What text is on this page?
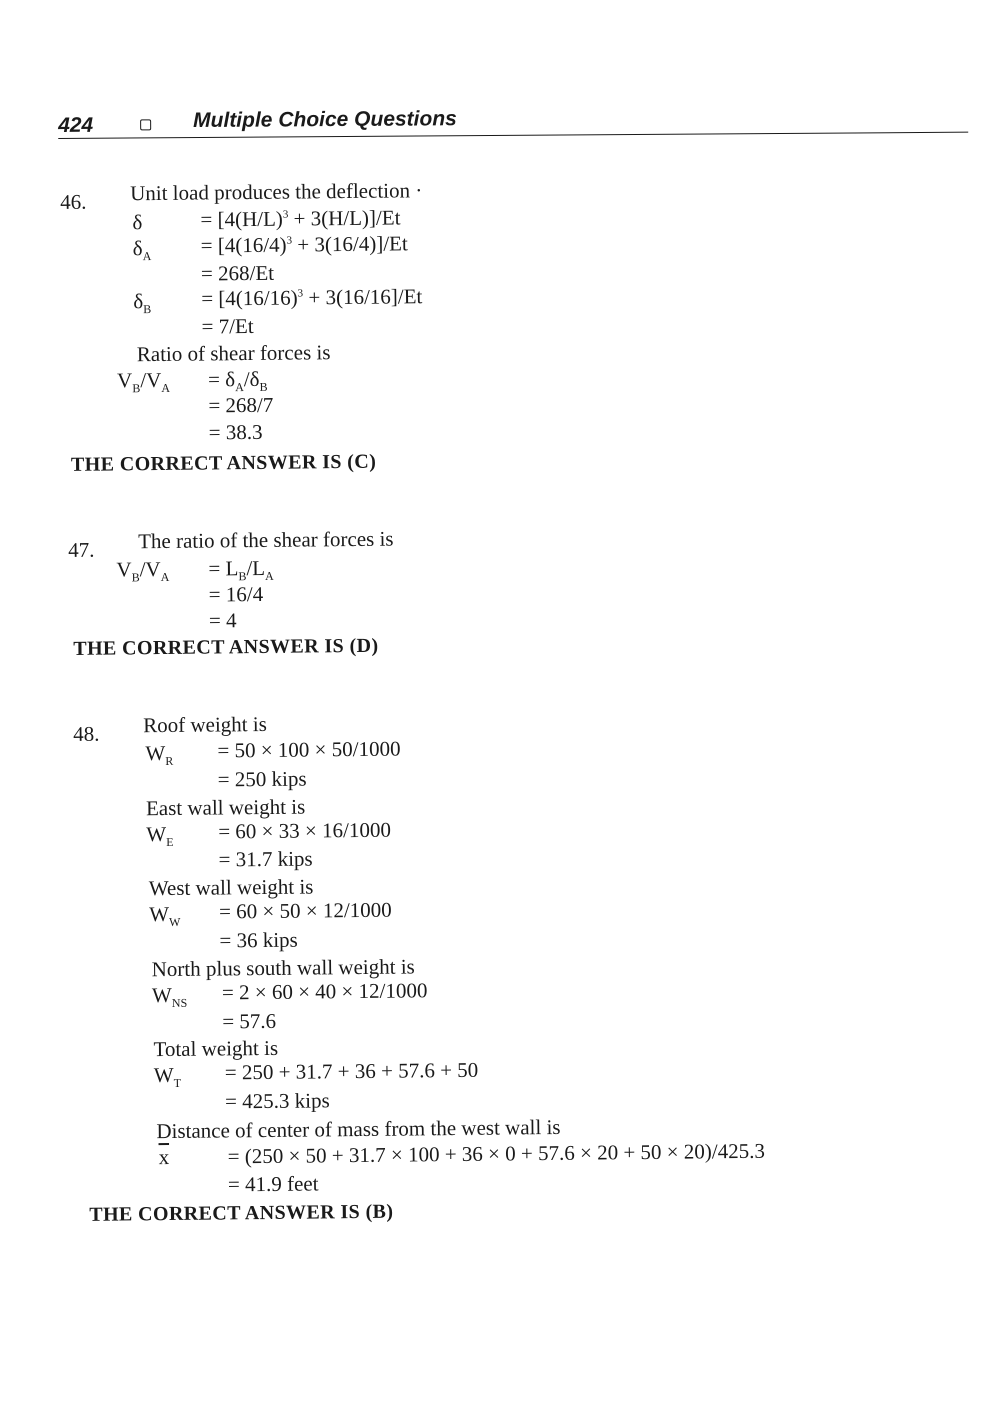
424	Multiple Choice Questions
46. Unit load produces the deflection ·
δ	= $[4(H/L)^3 + 3(H/L)]/Et$
$\delta_A = [4(16/4)^3 + 3(16/4)]/Et$
= 268/Et
$\delta_B = [4(16/16)^3 + 3(16/16]/Et$
= 7/Et
Ratio of shear forces is
$V_B/V_A = \delta_A/\delta_B$
= 268/7
= 38.3
THE CORRECT ANSWER IS (C)
47. The ratio of the shear forces is
$V_B/V_A = L_B/L_A$
= 16/4
= 4
THE CORRECT ANSWER IS (D)
48. Roof weight is
$W_R = 50 \times 100 \times 50/1000$
= 250 kips
East wall weight is
$W_E = 60 \times 33 \times 16/1000$
= 31.7 kips
West wall weight is
$W_W = 60 \times 50 \times 12/1000$
= 36 kips
North plus south wall weight is
$W_{NS} = 2 \times 60 \times 40 \times 12/1000$
= 57.6
Total weight is
$W_T = 250 + 31.7 + 36 + 57.6 + 50$
= 425.3 kips
Distance of center of mass from the west wall is
$\overline{x}$	= (250 × 50 + 31.7 × 100 + 36 × 0 + 57.6 × 20 + 50 × 20)/425.3
= 41.9 feet
THE CORRECT ANSWER IS (B)
